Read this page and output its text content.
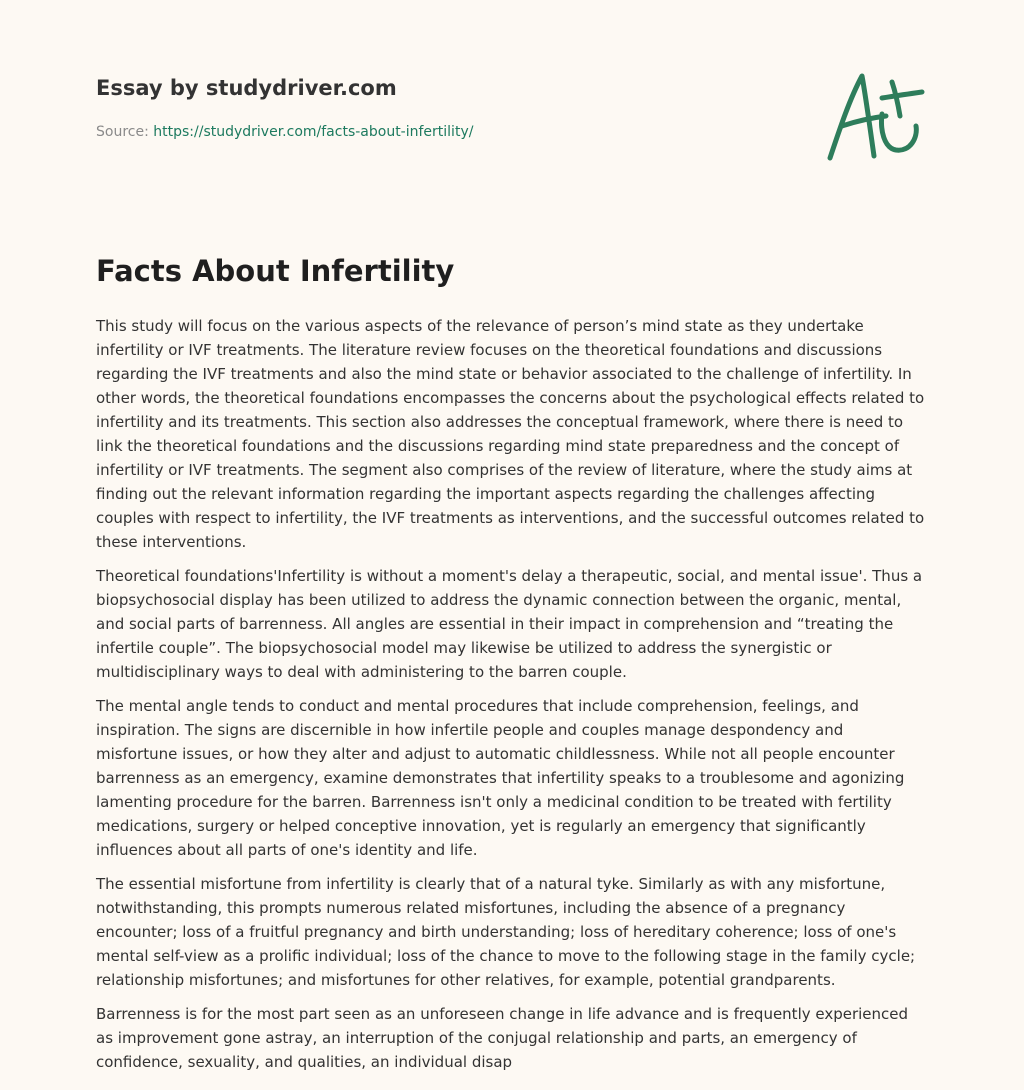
Essay by studydriver.com
Source: https://studydriver.com/facts-about-infertility/
Facts About Infertility

This study will focus on the various aspects of the relevance of person’s mind state as they undertake infertility or IVF treatments. The literature review focuses on the theoretical foundations and discussions regarding the IVF treatments and also the mind state or behavior associated to the challenge of infertility. In other words, the theoretical foundations encompasses the concerns about the psychological effects related to infertility and its treatments. This section also addresses the conceptual framework, where there is need to link the theoretical foundations and the discussions regarding mind state preparedness and the concept of infertility or IVF treatments. The segment also comprises of the review of literature, where the study aims at finding out the relevant information regarding the important aspects regarding the challenges affecting couples with respect to infertility, the IVF treatments as interventions, and the successful outcomes related to these interventions.

Theoretical foundations'Infertility is without a moment's delay a therapeutic, social, and mental issue'. Thus a biopsychosocial display has been utilized to address the dynamic connection between the organic, mental, and social parts of barrenness. All angles are essential in their impact in comprehension and “treating the infertile couple”. The biopsychosocial model may likewise be utilized to address the synergistic or multidisciplinary ways to deal with administering to the barren couple.

The mental angle tends to conduct and mental procedures that include comprehension, feelings, and inspiration. The signs are discernible in how infertile people and couples manage despondency and misfortune issues, or how they alter and adjust to automatic childlessness. While not all people encounter barrenness as an emergency, examine demonstrates that infertility speaks to a troublesome and agonizing lamenting procedure for the barren. Barrenness isn't only a medicinal condition to be treated with fertility medications, surgery or helped conceptive innovation, yet is regularly an emergency that significantly influences about all parts of one's identity and life.

The essential misfortune from infertility is clearly that of a natural tyke. Similarly as with any misfortune, notwithstanding, this prompts numerous related misfortunes, including the absence of a pregnancy encounter; loss of a fruitful pregnancy and birth understanding; loss of hereditary coherence; loss of one's mental self-view as a prolific individual; loss of the chance to move to the following stage in the family cycle; relationship misfortunes; and misfortunes for other relatives, for example, potential grandparents.

Barrenness is for the most part seen as an unforeseen change in life advance and is frequently experienced as improvement gone astray, an interruption of the conjugal relationship and parts, an emergency of confidence, sexuality, and qualities, an individual disap
